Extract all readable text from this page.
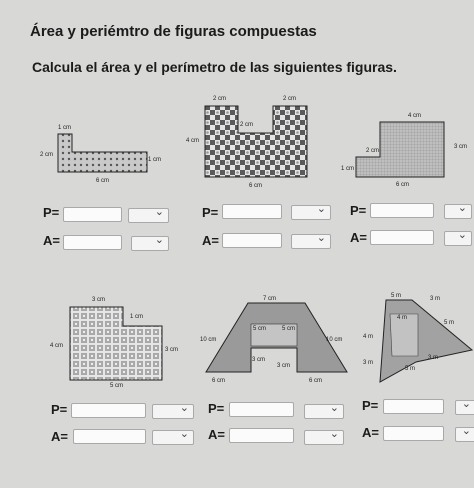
Área y periémtro de figuras compuestas
Calcula el área y el perímetro de las siguientes figuras.
1 cm
2 cm
1 cm
6 cm
2 cm	2 cm
2 cm
4 cm
6 cm
4 cm
3 cm
2 cm
1 cm
6 cm
3 cm
1 cm
4 cm
3 cm
5 cm
7 cm
5 cm	5 cm
10 cm	10 cm
3 cm
3 cm
6 cm	6 cm
5 m	3 m
4 m
5 m
4 m
3 m
3 m
5 m
P=
⌄
A=
⌄
P=
⌄
A=
⌄
P=
⌄
A=
⌄
P=
⌄
A=
⌄
P=
⌄
A=
⌄
P=
⌄
A=
⌄
